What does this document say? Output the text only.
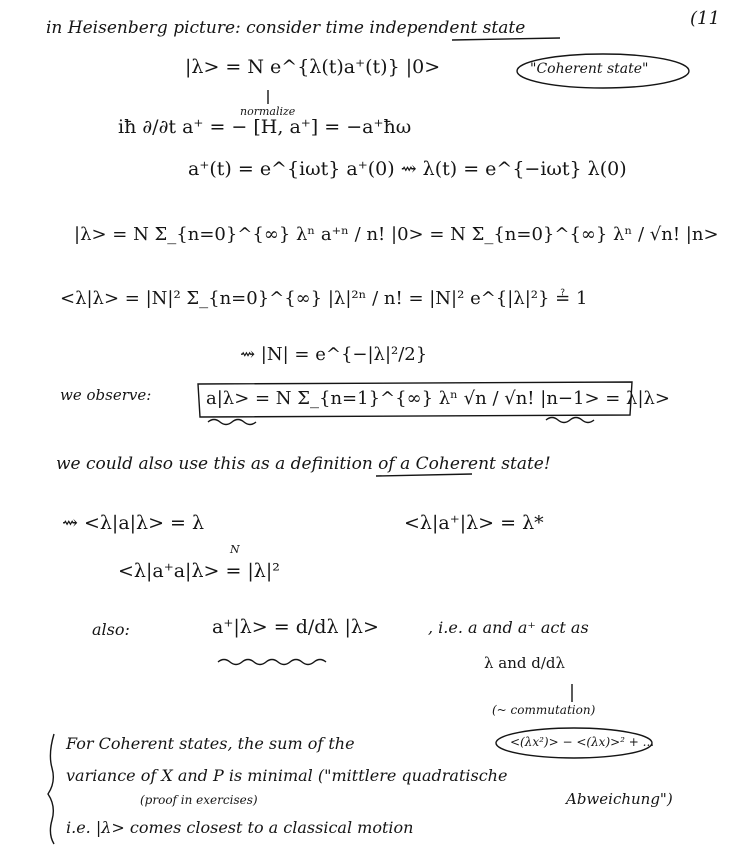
(11
in Heisenberg picture: consider time independent state
|λ> = N e^{λ(t)a⁺(t)} |0>	"Coherent state"
normalize
iħ ∂/∂t a⁺ = − [H, a⁺] = −a⁺ħω
a⁺(t) = e^{iωt} a⁺(0) ⇝ λ(t) = e^{−iωt} λ(0)
|λ> = N Σ_{n=0}^{∞} λⁿ a⁺ⁿ / n! |0> = N Σ_{n=0}^{∞} λⁿ / √n! |n>
<λ|λ> = |N|² Σ_{n=0}^{∞} |λ|²ⁿ / n! = |N|² e^{|λ|²} ≟ 1
⇝ |N| = e^{−|λ|²/2}
we observe:	a|λ> = N Σ_{n=1}^{∞} λⁿ √n / √n! |n−1> = λ|λ>
we could also use this as a definition of a Coherent state!
⇝ <λ|a|λ> = λ	<λ|a⁺|λ> = λ*
N
<λ|a⁺a|λ> = |λ|²
also:	a⁺|λ> = d/dλ |λ>	, i.e. a and a⁺ act as
λ and d/dλ
(~ commutation)
For Coherent states, the sum of the	<(λx²)> − <(λx)>² + ...
variance of X and P is minimal ("mittlere quadratische
(proof in exercises)	Abweichung")
i.e. |λ> comes closest to a classical motion
